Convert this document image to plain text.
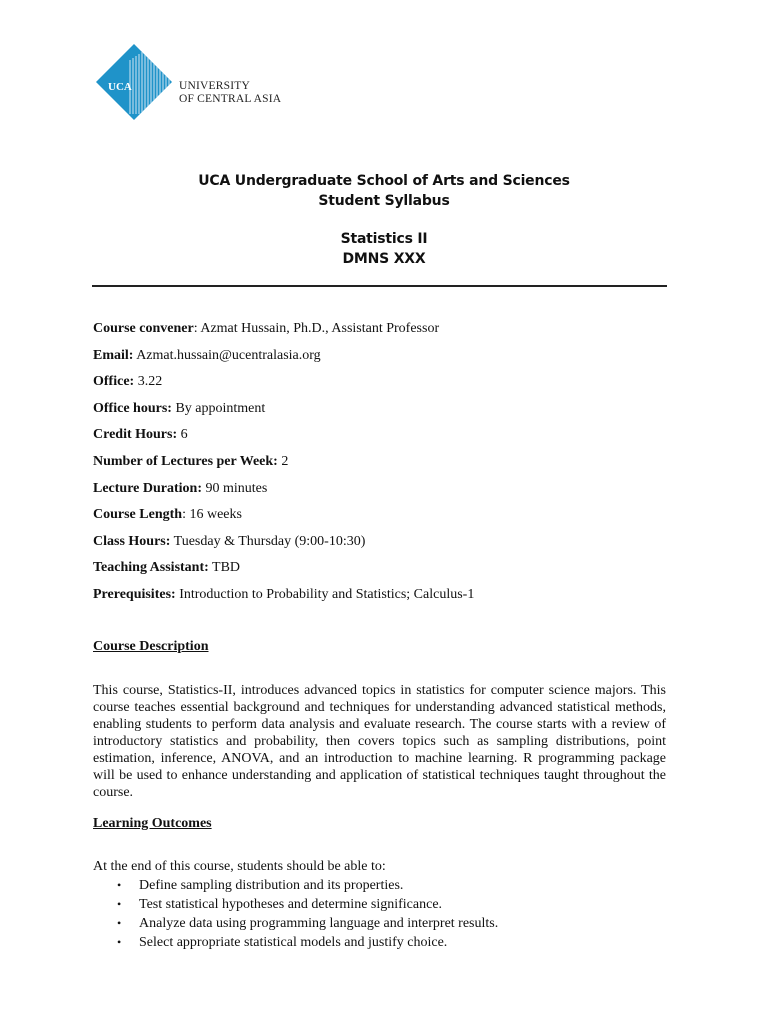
UCA	UNIVERSITY
OF CENTRAL ASIA
UCA Undergraduate School of Arts and Sciences
Student Syllabus
Statistics II
DMNS XXX
Course convener: Azmat Hussain, Ph.D., Assistant Professor
Email: Azmat.hussain@ucentralasia.org
Office: 3.22
Office hours: By appointment
Credit Hours: 6
Number of Lectures per Week: 2
Lecture Duration: 90 minutes
Course Length: 16 weeks
Class Hours: Tuesday & Thursday (9:00-10:30)
Teaching Assistant: TBD
Prerequisites: Introduction to Probability and Statistics; Calculus-1
Course Description

This course, Statistics-II, introduces advanced topics in statistics for computer science majors. This course teaches essential background and techniques for understanding advanced statistical methods, enabling students to perform data analysis and evaluate research. The course starts with a review of introductory statistics and probability, then covers topics such as sampling distributions, point estimation, inference, ANOVA, and an introduction to machine learning. R programming package will be used to enhance understanding and application of statistical techniques taught throughout the course.

Learning Outcomes
At the end of this course, students should be able to:
• Define sampling distribution and its properties.
• Test statistical hypotheses and determine significance.
• Analyze data using programming language and interpret results.
• Select appropriate statistical models and justify choice.
